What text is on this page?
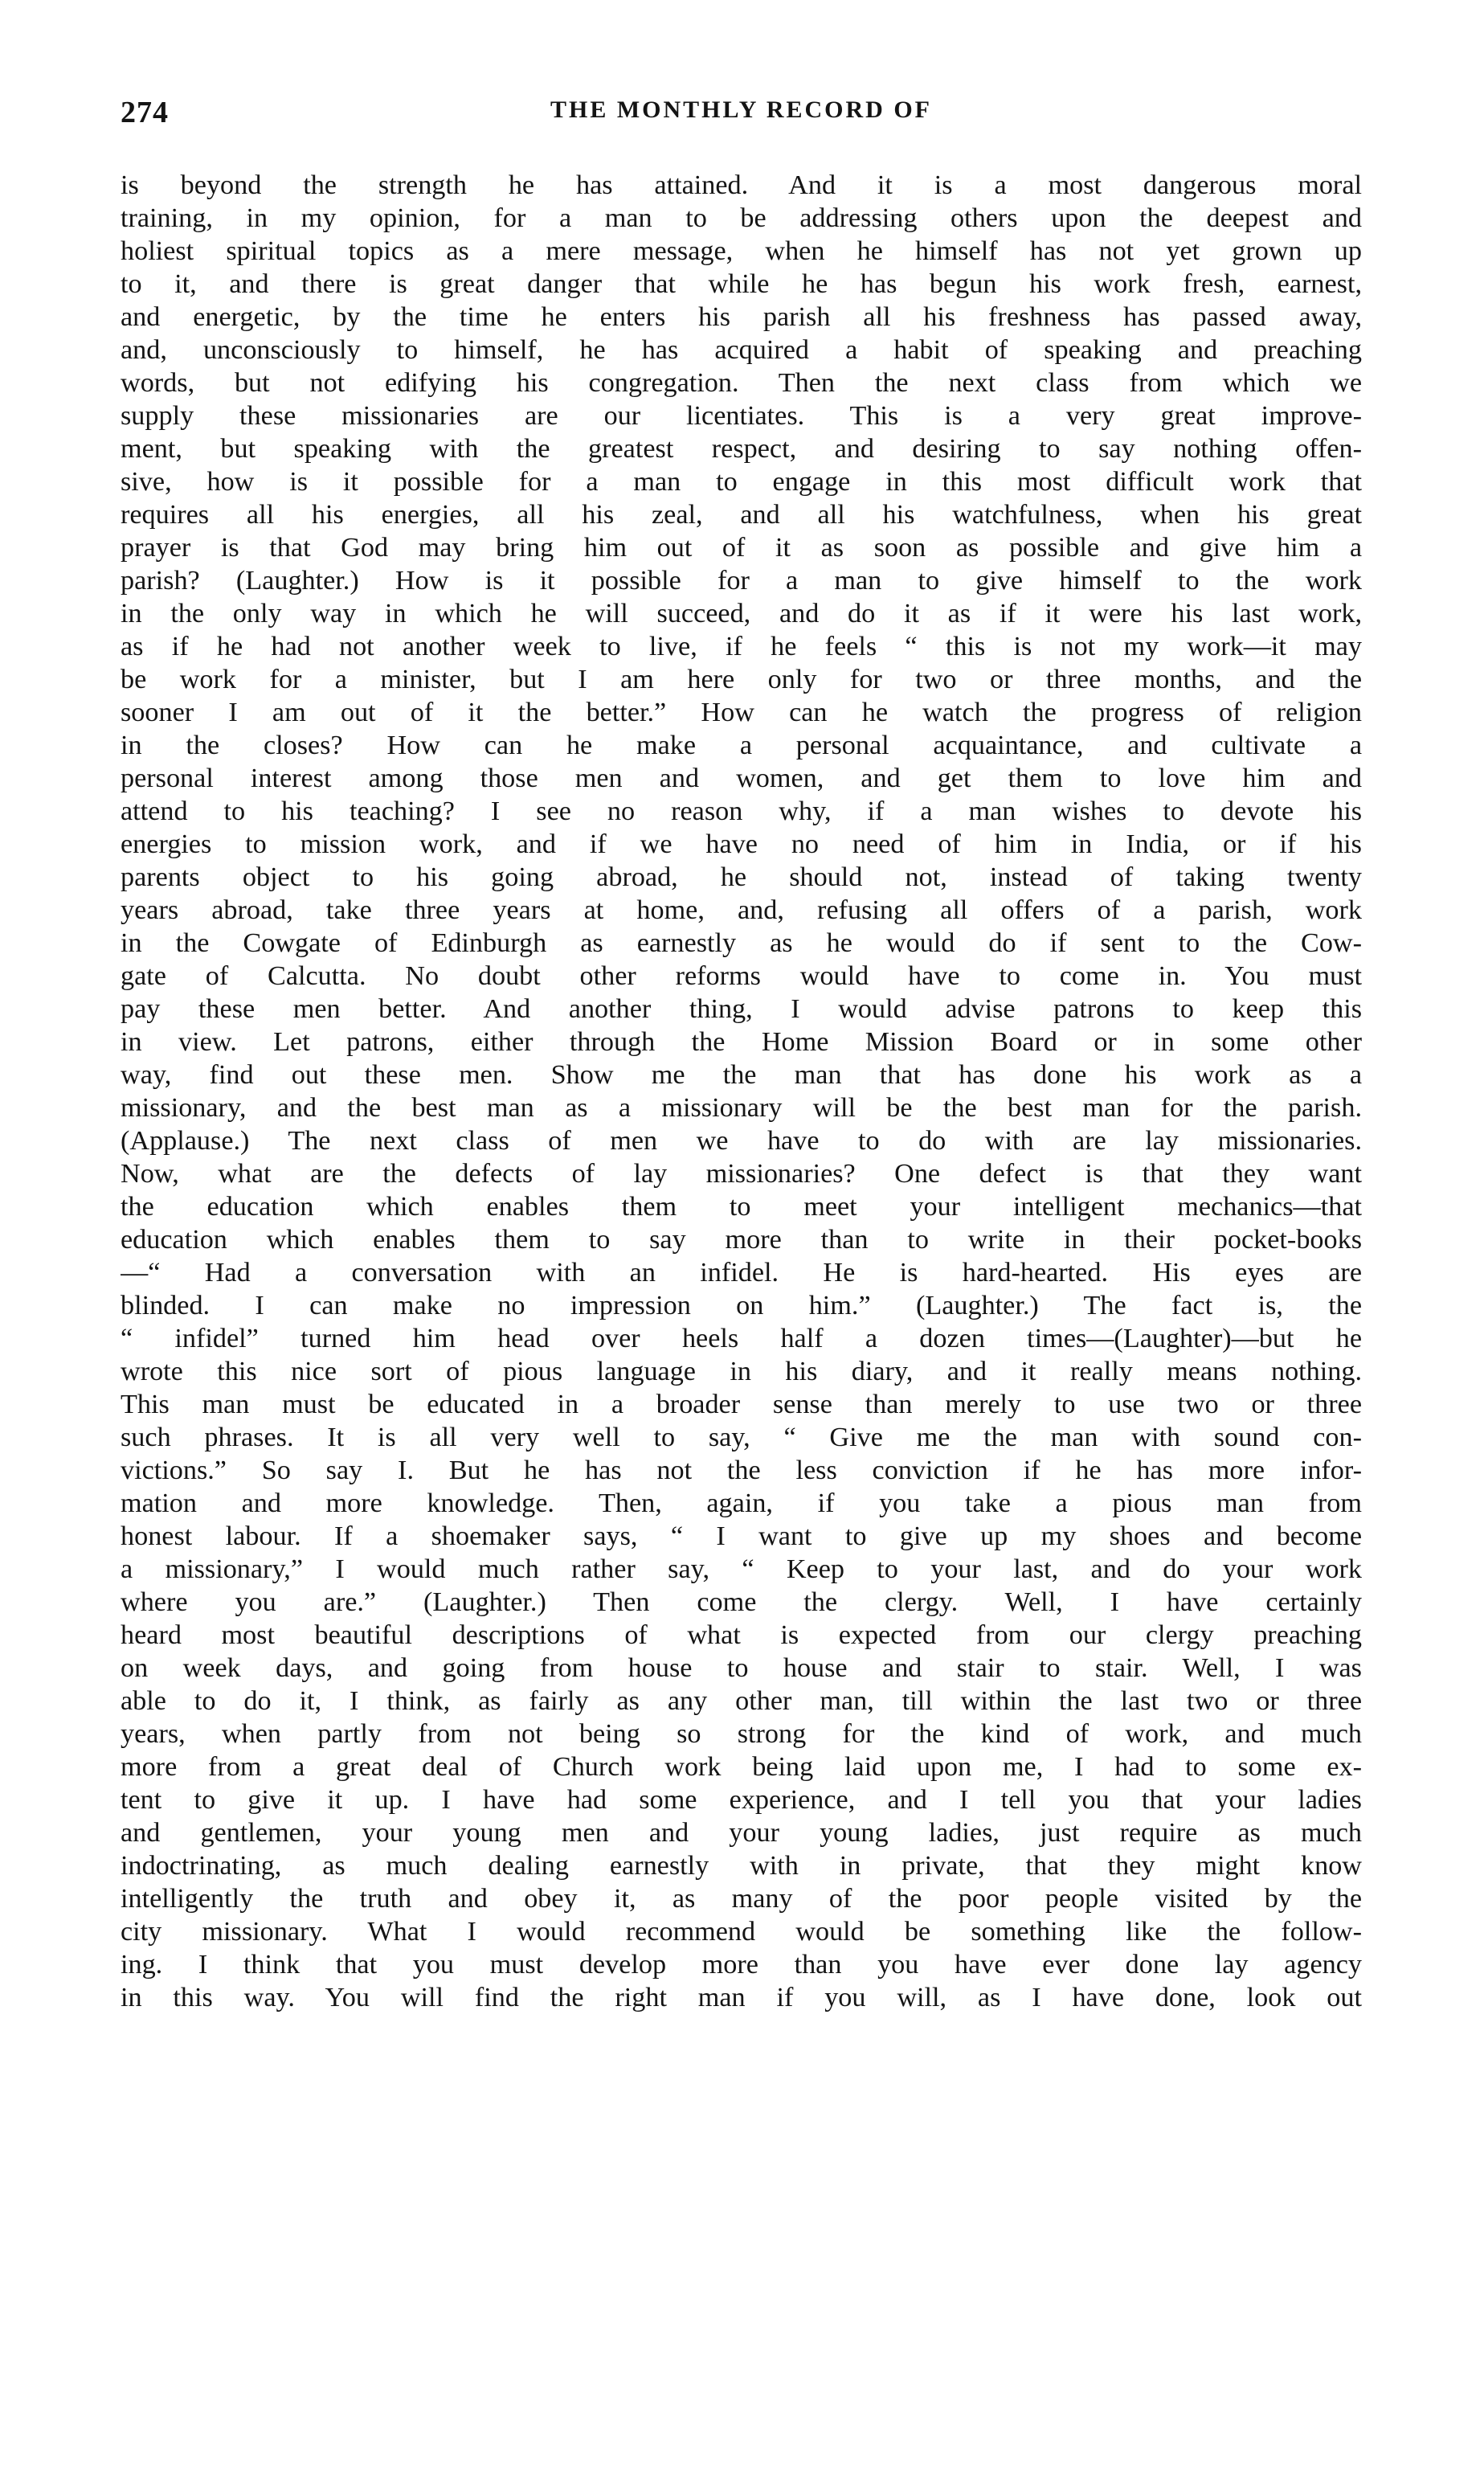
274	THE MONTHLY RECORD OF
is beyond the strength he has attained. And it is a most dangerous moral
training, in my opinion, for a man to be addressing others upon the deepest and
holiest spiritual topics as a mere message, when he himself has not yet grown up
to it, and there is great danger that while he has begun his work fresh, earnest,
and energetic, by the time he enters his parish all his freshness has passed away,
and, unconsciously to himself, he has acquired a habit of speaking and preaching
words, but not edifying his congregation. Then the next class from which we
supply these missionaries are our licentiates. This is a very great improve-
ment, but speaking with the greatest respect, and desiring to say nothing offen-
sive, how is it possible for a man to engage in this most difficult work that
requires all his energies, all his zeal, and all his watchfulness, when his great
prayer is that God may bring him out of it as soon as possible and give him a
parish? (Laughter.) How is it possible for a man to give himself to the work
in the only way in which he will succeed, and do it as if it were his last work,
as if he had not another week to live, if he feels “ this is not my work—it may
be work for a minister, but I am here only for two or three months, and the
sooner I am out of it the better.” How can he watch the progress of religion
in the closes? How can he make a personal acquaintance, and cultivate a
personal interest among those men and women, and get them to love him and
attend to his teaching? I see no reason why, if a man wishes to devote his
energies to mission work, and if we have no need of him in India, or if his
parents object to his going abroad, he should not, instead of taking twenty
years abroad, take three years at home, and, refusing all offers of a parish, work
in the Cowgate of Edinburgh as earnestly as he would do if sent to the Cow-
gate of Calcutta. No doubt other reforms would have to come in. You must
pay these men better. And another thing, I would advise patrons to keep this
in view. Let patrons, either through the Home Mission Board or in some other
way, find out these men. Show me the man that has done his work as a
missionary, and the best man as a missionary will be the best man for the parish.
(Applause.) The next class of men we have to do with are lay missionaries.
Now, what are the defects of lay missionaries? One defect is that they want
the education which enables them to meet your intelligent mechanics—that
education which enables them to say more than to write in their pocket-books
—“ Had a conversation with an infidel. He is hard-hearted. His eyes are
blinded. I can make no impression on him.” (Laughter.) The fact is, the
“ infidel” turned him head over heels half a dozen times—(Laughter)—but he
wrote this nice sort of pious language in his diary, and it really means nothing.
This man must be educated in a broader sense than merely to use two or three
such phrases. It is all very well to say, “ Give me the man with sound con-
victions.” So say I. But he has not the less conviction if he has more infor-
mation and more knowledge. Then, again, if you take a pious man from
honest labour. If a shoemaker says, “ I want to give up my shoes and become
a missionary,” I would much rather say, “ Keep to your last, and do your work
where you are.” (Laughter.) Then come the clergy. Well, I have certainly
heard most beautiful descriptions of what is expected from our clergy preaching
on week days, and going from house to house and stair to stair. Well, I was
able to do it, I think, as fairly as any other man, till within the last two or three
years, when partly from not being so strong for the kind of work, and much
more from a great deal of Church work being laid upon me, I had to some ex-
tent to give it up. I have had some experience, and I tell you that your ladies
and gentlemen, your young men and your young ladies, just require as much
indoctrinating, as much dealing earnestly with in private, that they might know
intelligently the truth and obey it, as many of the poor people visited by the
city missionary. What I would recommend would be something like the follow-
ing. I think that you must develop more than you have ever done lay agency
in this way. You will find the right man if you will, as I have done, look out
